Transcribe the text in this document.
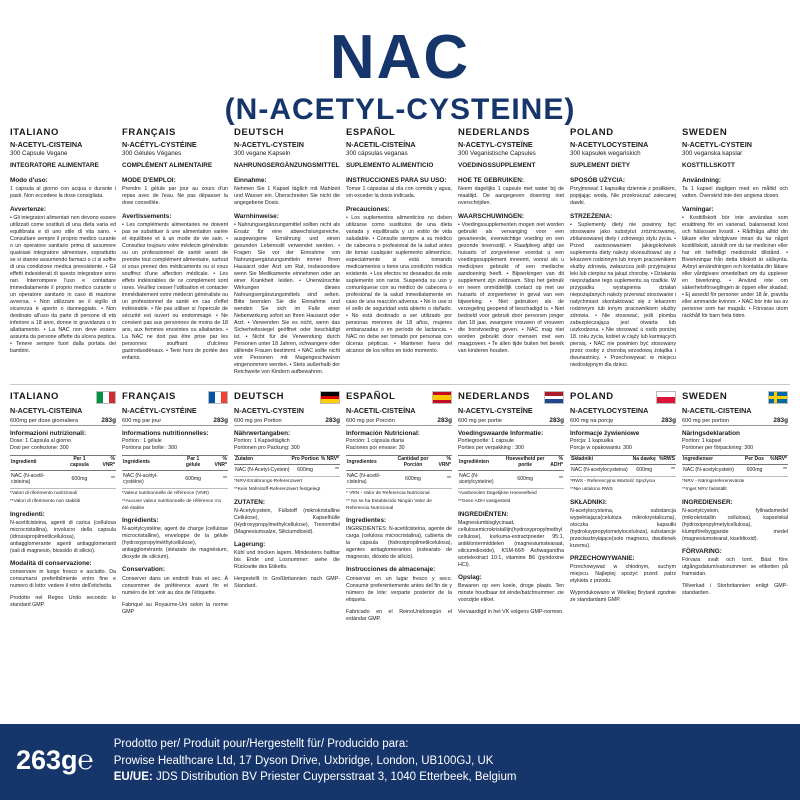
NAC
(N-ACETYL-CYSTEINE)
ITALIANO
N-ACETYL-CISTEINA
300 Capsule Vegane
INTEGRATORE ALIMENTARE
Modo d'uso:
1 capsula al giorno con acqua o durante i pasti. Non eccedere la dose consigliata.
Avvertenze:
• Gli integratori alimentari non devono essere utilizzati come sostituti di una dieta varia ed equilibrata e di uno stile di vita sano. • Consultare sempre il proprio medico curante o un operatore sanitario prima di assumere qualsiasi integratore alimentare, soprattutto se si stanno assumendo farmaci o ci si soffre di una condizione medica preesistente. • Gli effetti indesiderati di questo integratore sono rari. Interrompere l'uso e contattare immediatamente il proprio medico curante o un operatore sanitario in caso di reazione avversa. • Non utilizzare se il sigillo di sicurezza è aperto o danneggiato. • Non destinato all'uso da parte di persone di età inferiore a 18 anni, donne in gravidanza o in allattamento. • La NAC non deve essere assunta da persone affette da ulcera peptica. • Tenere sempre fuori dalla portata dei bambini.
FRANÇAIS
N-ACÉTYL-CYSTÉINE
300 Gélules Véganes
COMPLÉMENT ALIMENTAIRE
MODE D'EMPLOI:
Prendre 1 gélule par jour au cours d'un repas avec de l'eau. Ne pas dépasser la dose conseillée.
Avertissements:
• Les compléments alimentaires ne doivent pas se substituer à une alimentation variée et équilibrée et à un mode de vie sain. • Consultez toujours votre médecin généraliste ou un professionnel de santé avant de prendre tout complément alimentaire, surtout si vous prenez des médicaments ou si vous souffrez d'une affection médicale. • Les effets indésirables de ce complément sont rares. Veuillez cesser l'utilisation et contacter immédiatement votre médecin généraliste ou un professionnel de santé en cas d'effet indésirable. • Ne pas utiliser si l'opercule de sécurité est ouvert ou endommagé. • Ne convient pas aux personnes de moins de 18 ans, aux femmes enceintes ou allaitantes. • La NAC ne doit pas être prise par les personnes souffrant d'ulcères gastroduodénaux. • Tenir hors de portée des enfants.
DEUTSCH
N-ACETYL-CYSTEIN
300 vegane Kapseln
NAHRUNGSERGÄNZUNGSMITTEL
Einnahme:
Nehmen Sie 1 Kapsel täglich mit Mahlzeit und Wasser ein. Überschreiten Sie nicht die angegebene Dosis.
Warnhinweise:
• Nahrungsergänzungsmittel sollten nicht als Ersatz für eine abwechslungsreiche, ausgewogene Ernährung und einen gesunden Lebensstil verwendet werden. • Fragen Sie vor der Einnahme von Nahrungsergänzungsmitteln immer Ihren Hausarzt oder Arzt um Rat, insbesondere wenn Sie Medikamente einnehmen oder an einer Krankheit leiden. • Unerwünschte Wirkungen dieses Nahrungsergänzungsmittels sind selten. Bitte beenden Sie die Einnahme und wenden Sie sich im Falle einer Nebenwirkung sofort an Ihren Hausarzt oder Arzt. • Verwenden Sie es nicht, wenn das Sicherheitssiegel geöffnet oder beschädigt ist. • Nicht für die Verwendung durch Personen unter 18 Jahren, schwangere oder stillende Frauen bestimmt. • NAC sollte nicht von Personen mit Magengeschwüren eingenommen werden. • Stets außerhalb der Reichweite von Kindern aufbewahren.
ESPAÑOL
N-ACETIL-CISTEÍNA
300 cápsulas veganas
SUPLEMENTO ALIMENTICIO
INSTRUCCIONES PARA SU USO:
Tomar 1 cápsulas al día con comida y agua, sin exceder la dosis indicada.
Precauciones:
• Los suplementos alimenticios no deben utilizarse como sustitutos de una dieta variada y equilibrada y un estilo de vida saludable. • Consulte siempre a su médico de cabecera o profesional de la salud antes de tomar cualquier suplemento alimenticio, especialmente si está tomando medicamentos o tiene una condición médica existente. • Los efectos no deseados de este suplemento son raros. Suspenda su uso y comuníquese con su médico de cabecera o profesional de la salud inmediatamente en caso de una reacción adversa. • No lo use si el sello de seguridad está abierto o dañado. • No está destinado a ser utilizado por personas menores de 18 años, mujeres embarazadas o en período de lactancia. • NAC no debe ser tomado por personas con úlceras pépticas. • Mantener fuera del alcance de los niños en todo momento.
NEDERLANDS
N-ACETYL-CYSTEÏNE
300 Veganistische Capsules
VOEDINGSSUPPLEMENT
HOE TE GEBRUIKEN:
Neem dagelijks 1 capsule met water bij de maaltijd. De aangegeven dosering niet overschrijden.
WAARSCHUWINGEN:
• Voedingssupplementen mogen niet worden gebruikt als vervanging voor een gevarieerde, evenwichtige voeding en een gezonde levensstijl. • Raadpleeg altijd uw huisarts of zorgverlener voordat u een voedingssupplement inneemt, vooral als u medicijnen gebruikt of een medische aandoening heeft. • Bijwerkingen van dit supplement zijn zeldzaam. Stop het gebruik en neem onmiddellijk contact op met uw huisarts of zorgverlener in geval van een bijwerking. • Niet gebruiken als de verzegeling geopend of beschadigd is. • Niet bedoeld voor gebruik door personen jonger dan 18 jaar, zwangere vrouwen of vrouwen die borstvoeding geven. • NAC mag niet worden gebruikt door mensen met een maagzweer. • Te allen tijde buiten het bereik van kinderen houden.
POLAND
N-ACETYLOCYSTEINA
300 kapsułek wegańskich
SUPLEMENT DIETY
SPOSÓB UŻYCIA:
Przyjmować 1 kapsułkę dziennie z posiłkiem, popijając wodą. Nie przekraczać zalecanej dawki.
STRZEŻENIA:
• Suplementy diety nie powinny być stosowane jako substytut zróżnicowanej, zbilansowanej diety i zdrowego stylu życia. • Przed zastosowaniem jakiegokolwiek suplementu diety należy skonsultować się z lekarzem rodzinnym lub innym pracownikiem służby zdrowia, zwłaszcza jeśli przyjmujesz leki lub cierpisz na jakąś chorobę. • Działania niepożądane tego suplementu są rzadkie. W przypadku wystąpienia działań niepożądanych należy przerwać stosowanie i natychmiast skontaktować się z lekarzem rodzinnym lub innym pracownikiem służby zdrowia. • Nie stosować, jeśli plomba zabezpieczająca jest otwarta lub uszkodzona. • Nie stosować u osób poniżej 18. roku życia, kobiet w ciąży lub karmiących piersią. • NAC nie powinien być stosowany przez osoby z chorobą wrzodową żołądka i dwunastnicy. • Przechowywać w miejscu niedostępnym dla dzieci.
SWEDEN
N-ACETYL-CYSTEIN
300 veganska kapslar
KOSTTILLSKOTT
Användning:
Ta 1 kapsel dagligen med en måltid och vatten. Överskrid inte den angivna dosen.
Varningar:
• Kosttillskott bör inte användas som ersättning för en varierad, balanserad kost och hälsosam livsstil. • Rådfråga alltid din läkare eller vårdgivare innan du tar något kosttillskott, särskilt om du tar mediciner eller har ett befintligt medicinskt tillstånd. • Biverkningar från detta tillskott är sällsynta. Avbryt användningen och kontakta din läkare eller vårdgivare omedelbart om du upplever en biverkning. • Använd inte om säkerhetsförseglingen är öppen eller skadad. • Ej avsedd för personer under 18 år, gravida eller ammande kvinnor. • NAC bör inte tas av personer som har magsår. • Förvaras utom räckhåll för barn hela tiden.
ITALIANO
N-ACETYL-CISTEINA
600mg per dose giornaliera	283g
Informazioni nutrizionali:
Dose: 1 Capsula al giorno
Dosi per confezione: 300
Ingredienti	Per 1 capsula	% VNR*
NAC (N-acetil-cisteina)	600mg	**
*Valori di riferimento nutrizionali
**Valori di riferimento non stabiliti
Ingredienti:
N-acetilcisteina, agenti di carica (cellulosa microcristallina), involucro della capsula (idrossipropilmetilcellulosa), antiagglomerante agenti antiagglomeranti (sali di magnesio, biossido di silicio).
Modalità di conservazione:
conservare in luogo fresco e asciutto. Da consumarsi preferibilmente entro fine e numero di lotto: vedere il retro dell'etichetta.
Prodotto nel Regno Unito secondo lo standard GMP.
FRANÇAIS
N-ACÉTYL-CYSTÉINE
600 mg par jour	283g
Informations nutritionnelles:
Portion : 1 gélule
Portions par boîte : 300
Ingrédients	Par 1 gélule	% VNR*
NAC (N-acétyl-cystéine)	600mg	**
*Valeur nutritionnelle de référence (VNR)
**Aucune valeur nutritionnelle de référence n'a été établie
Ingrédients:
N-acétylcystéine, agent de charge (cellulose microcristalline), enveloppe de la gélule (hydroxypropylméthylcellulose), antiagglomérants (stéarate de magnésium, dioxyde de silicium).
Conservation:
Conserver dans un endroit frais et sec. À consommer de préférence avant fin et numéro de lot: voir au dos de l'étiquette.
Fabriqué au Royaume-Uni selon la norme GMP
DEUTSCH
N-ACETYL-CYSTEIN
600 mg pro Portion	283g
Nährwertangaben:
Portion: 1 Kapseltäglich
Portionen pro Packung: 300
Zutaten	Pro Portion	% NRV*
NAC (N-Acetyl-Cystein)	600mg	**
*NRV-Ernährungs-Referenzwert
**Kein Nährstoff-Referenzwert festgelegt
ZUTATEN:
N-Acetylcystein, Füllstoff (mikrokristalline Cellulose), Kapselhülle (Hydroxypropylmethylcellulose), Trennmittel (Magnesiumsalze, Siliciumdioxid).
Lagerung:
Kühl und trocken lagern. Mindestens haltbar bis Ende und Losnummer: siehe die Rückseite des Etiketts.
Hergestellt in Großbritannien nach GMP-Standard.
ESPAÑOL
N-ACETIL-CISTEÍNA
600 mg por Porción	283g
Información Nutricional:
Porción: 1 cápsula diaria
Raciones por envase: 30
Ingredientes	Cantidad por Porción	% VRN*
NAC (N-acetil-cisteína)	600mg	**
* VRN - Valor de Referencia Nutricional
** No se ha Establecido Ningún Valor de Referencia Nutricional
Ingredientes:
INGREDIENTES: N-acetilcisteína, agente de carga (celulosa microcristalina), cubierta de la cápsula (hidroxipropilmetilcelulosa), agentes antiaglomerantes (estearato de magnesio, dióxido de silicio).
Instrucciones de almacenaje:
Conservar en un lugar fresco y seco. Consumir preferentemente antes del fin de y número de lote: verparte posterior de la etiqueta.
Fabricado en el ReinoUnidosegún el estándar GMP.
NEDERLANDS
N-ACETYL-CYSTEÏNE
600 mg per portie	283g
Voedingswaarde Informatie:
Portiegrootte: 1 capsule
Porties per verpakking : 300
Ingrediënten	Hoeveelheid per portie	% ADH*
NAC (N-acetylcysteïne)	600mg	**
*Aanbevolen Dagelijkse Hoeveelheid
**Geen ADH vastgesteld
INGREDIËNTEN:
Magnesiumbisglycinaat, cellulosemicrokristallijn(hydroxypropylmethylcellulose), kurkuma-extractpoeder 95:1, antiklontermiddelen (magnesiumstearaat, siliciumdioxide), KSM-66® Ashwagandha wortelextract 10:1, vitamine B6 (pyridoxine HCl).
Opslag:
Bewaren op een koele, droge plaats. Ten minste houdbaar tot einde/batchnummer: zie voorzijde etiket.
Vervaardigd in het VK volgens GMP-normen.
POLAND
N-ACETYLOCYSTEINA
600 mg na porcję	283g
Informacje żywieniowe
Porcja: 1 kapsułka
Porcje w opakowaniu: 300
Składniki	Na dawkę	%RWS
NAC (N-acetylocysteina)	600mg	**
*RWS - Referencyjna Wartość Spożycia
**Nie ustalono RWS
SKŁADNIKI:
N-acetylocysteina, substancja wypełniająca(celuloza mikrokrystaliczna), otoczka kapsułki (hydroksypropylometyloceluloza), substancje przeciwzbrylające(sole magnezu, dwutlenek krzemu).
PRZECHOWYWANIE:
Przechowywać w chłodnym, suchym miejscu. Najlepiej spożyć przed: patrz etykieta z przodu.
Wyprodukowano w Wielkiej Brytanii zgodnie ze standardami GMP.
SWEDEN
N-ACETIL-CISTEINA
600 mg per portion	283g
Näringsdeklaration
Portion: 1 kapsel
Portioner per förpackning: 300
Ingredienser	Per Dos	%NRV*
NAC (N-acetylcystein)	600mg	**
*NRV - Näringsreferensvärde
**Inget NRV fastställt
INGREDIENSER:
N-acetylcystein, fyllnadsmedel (mikrokristallin cellulosa), kapselskal (hydroxipropylmetylcellulosa), klumpförebyggande medel (magnesiumstearat, kiseldioxid).
FÖRVARING:
Förvara svalt och torrt. Bäst före utgångsdatum/satsnummer: se etiketten på framsidan.
Tillverkad i Storbritannien enligt GMP-standarden.
263g℮
Prodotto per/ Produit pour/Hergestellt für/ Producido para:
Prowise Healthcare Ltd, 17 Dyson Drive, Uxbridge, London, UB100GJ, UK
EU/UE: JDS Distribution BV Priester Cuypersstraat 3, 1040 Etterbeek, Belgium
